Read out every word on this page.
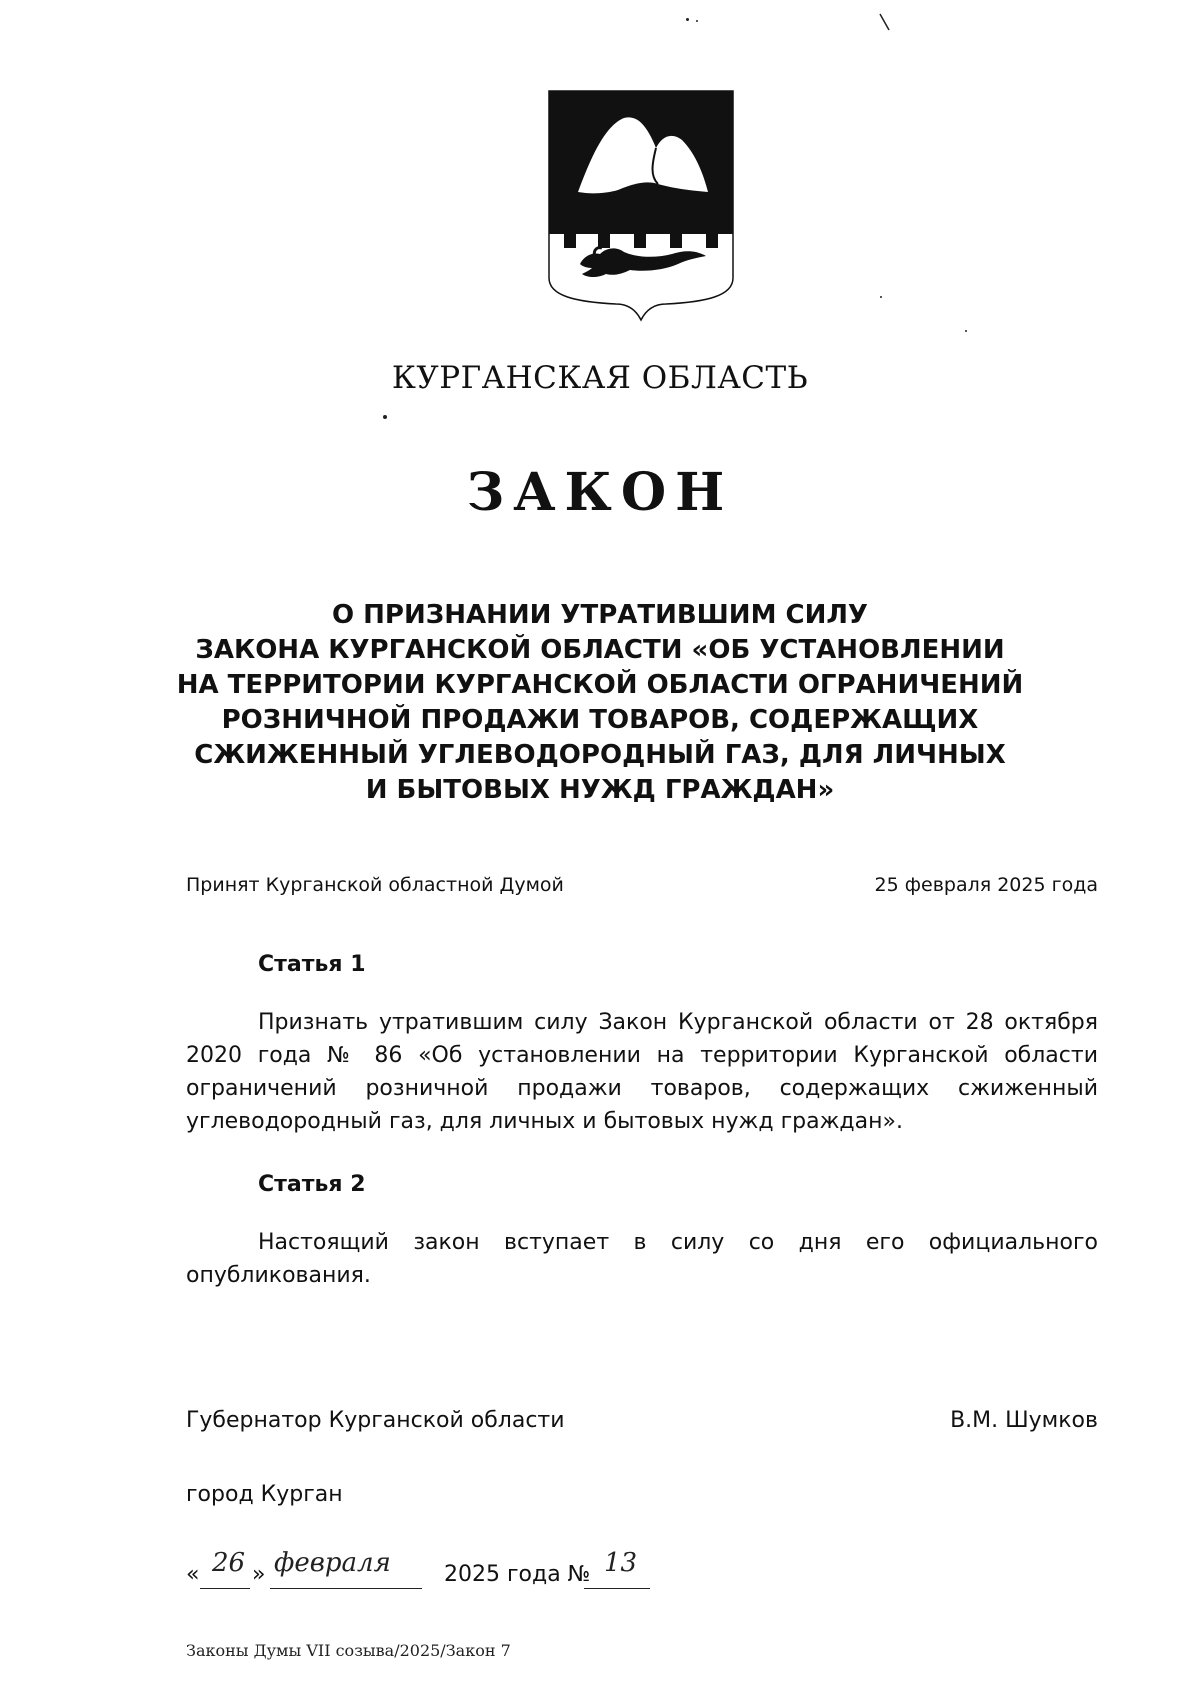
КУРГАНСКАЯ ОБЛАСТЬ
ЗАКОН
О ПРИЗНАНИИ УТРАТИВШИМ СИЛУ
ЗАКОНА КУРГАНСКОЙ ОБЛАСТИ «ОБ УСТАНОВЛЕНИИ
НА ТЕРРИТОРИИ КУРГАНСКОЙ ОБЛАСТИ ОГРАНИЧЕНИЙ
РОЗНИЧНОЙ ПРОДАЖИ ТОВАРОВ, СОДЕРЖАЩИХ
СЖИЖЕННЫЙ УГЛЕВОДОРОДНЫЙ ГАЗ, ДЛЯ ЛИЧНЫХ
И БЫТОВЫХ НУЖД ГРАЖДАН»
Принят Курганской областной Думой	25 февраля 2025 года
Статья 1
Признать утратившим силу Закон Курганской области от 28 октября
2020 года № 86 «Об установлении на территории Курганской области
ограничений розничной продажи товаров, содержащих сжиженный
углеводородный газ, для личных и бытовых нужд граждан».
Статья 2
Настоящий закон вступает в силу со дня его официального
опубликования.
Губернатор Курганской области	В.М. Шумков
город Курган
« 26 » февраля 2025 года № 13
Законы Думы VII созыва/2025/Закон 7
